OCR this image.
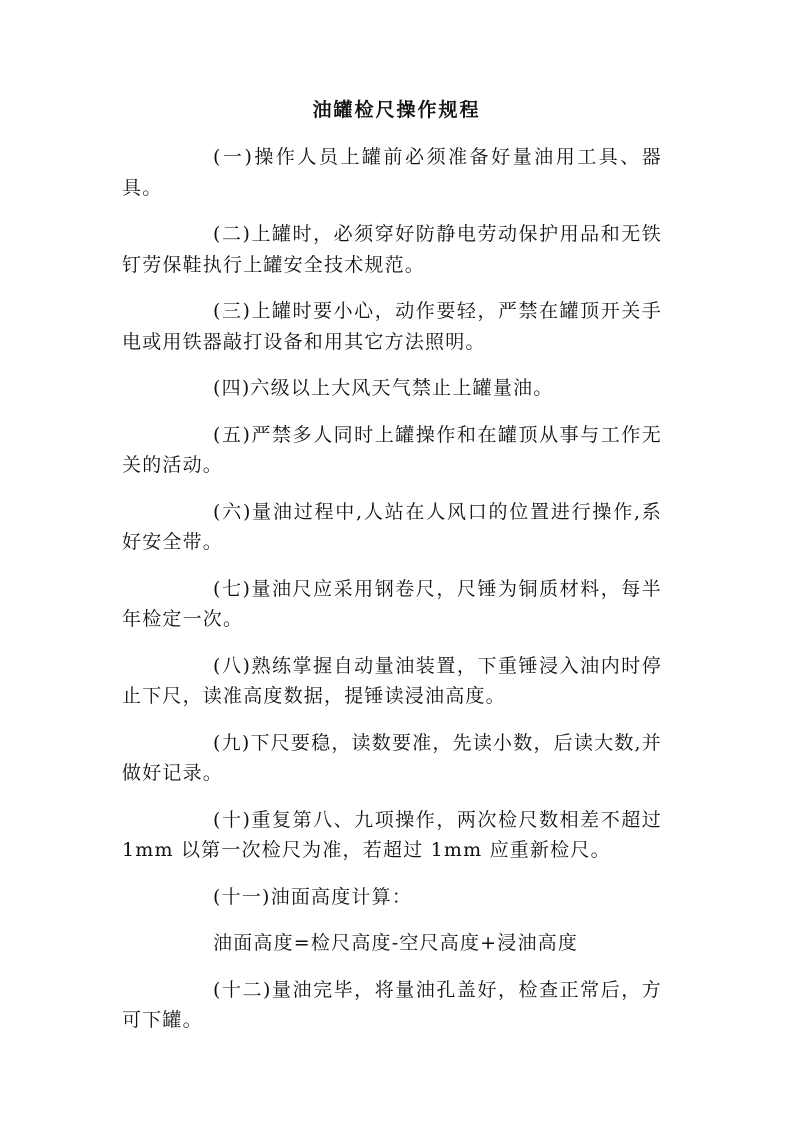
油罐检尺操作规程

(一)操作人员上罐前必须准备好量油用工具、器具。

(二)上罐时，必须穿好防静电劳动保护用品和无铁钉劳保鞋执行上罐安全技术规范。

(三)上罐时要小心，动作要轻，严禁在罐顶开关手电或用铁器敲打设备和用其它方法照明。

(四)六级以上大风天气禁止上罐量油。

(五)严禁多人同时上罐操作和在罐顶从事与工作无关的活动。

(六)量油过程中,人站在人风口的位置进行操作,系好安全带。

(七)量油尺应采用钢卷尺，尺锤为铜质材料，每半年检定一次。

(八)熟练掌握自动量油装置，下重锤浸入油内时停止下尺，读准高度数据，提锤读浸油高度。

(九)下尺要稳，读数要准，先读小数，后读大数,并做好记录。

(十)重复第八、九项操作，两次检尺数相差不超过 1mm 以第一次检尺为准，若超过 1mm 应重新检尺。

(十一)油面高度计算：

油面高度=检尺高度-空尺高度+浸油高度

(十二)量油完毕，将量油孔盖好，检查正常后，方可下罐。
